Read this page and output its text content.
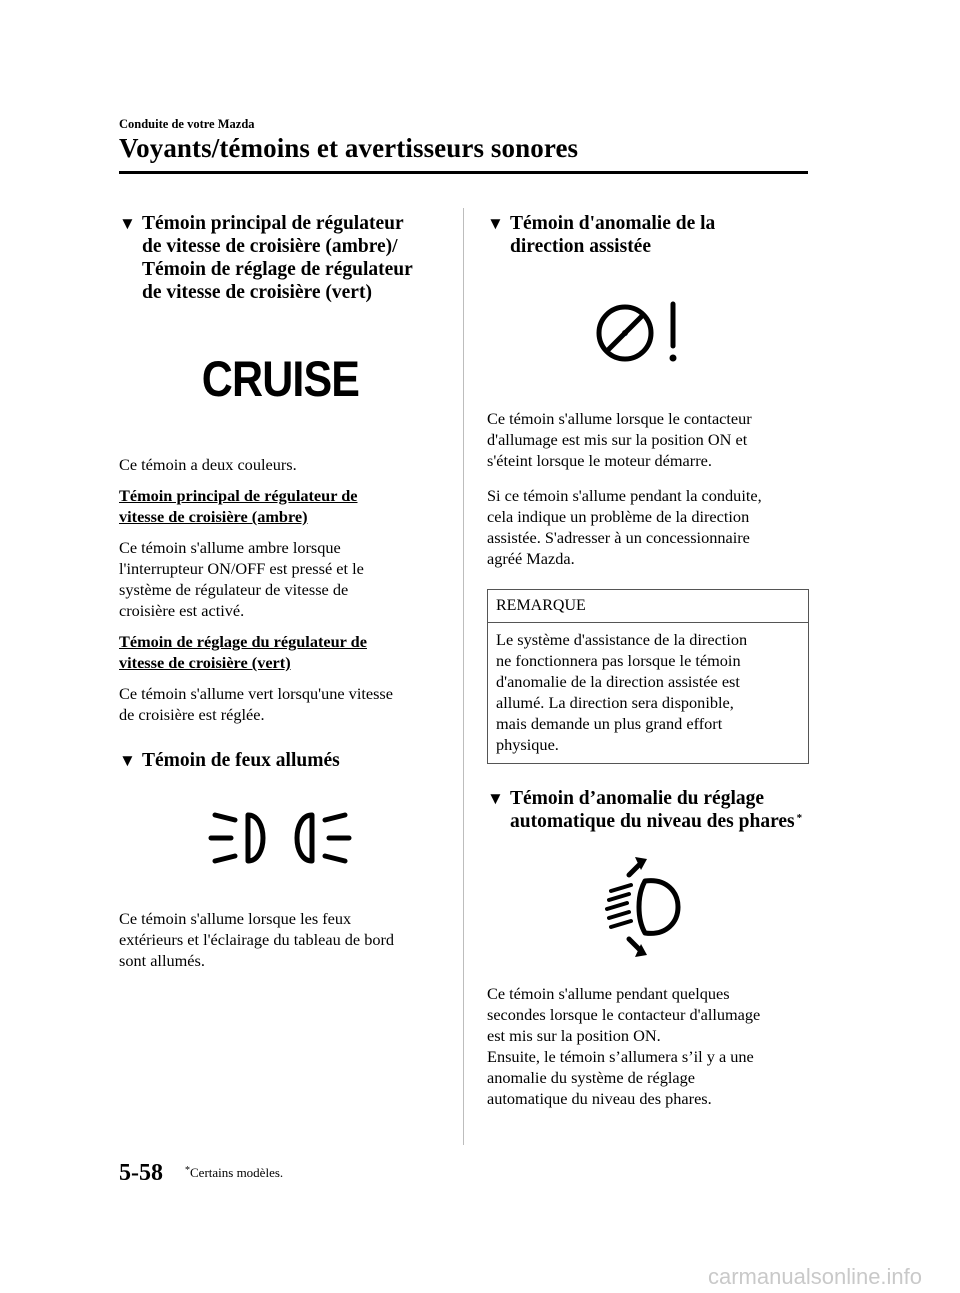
Conduite de votre Mazda
Voyants/témoins et avertisseurs sonores
▼ Témoin principal de régulateur
de vitesse de croisière (ambre)/
Témoin de réglage de régulateur
de vitesse de croisière (vert)
CRUISE

Ce témoin a deux couleurs.

Témoin principal de régulateur de
vitesse de croisière (ambre)

Ce témoin s'allume ambre lorsque
l'interrupteur ON/OFF est pressé et le
système de régulateur de vitesse de
croisière est activé.

Témoin de réglage du régulateur de
vitesse de croisière (vert)

Ce témoin s'allume vert lorsqu'une vitesse
de croisière est réglée.

▼ Témoin de feux allumés

Ce témoin s'allume lorsque les feux
extérieurs et l'éclairage du tableau de bord
sont allumés.

▼ Témoin d'anomalie de la
direction assistée

Ce témoin s'allume lorsque le contacteur
d'allumage est mis sur la position ON et
s'éteint lorsque le moteur démarre.

Si ce témoin s'allume pendant la conduite,
cela indique un problème de la direction
assistée. S'adresser à un concessionnaire
agréé Mazda.

REMARQUE

Le système d'assistance de la direction
ne fonctionnera pas lorsque le témoin
d'anomalie de la direction assistée est
allumé. La direction sera disponible,
mais demande un plus grand effort
physique.

▼ Témoin d’anomalie du réglage
automatique du niveau des phares *

Ce témoin s'allume pendant quelques
secondes lorsque le contacteur d'allumage
est mis sur la position ON.
Ensuite, le témoin s’allumera s’il y a une
anomalie du système de réglage
automatique du niveau des phares.

5-58 *Certains modèles.
carmanualsonline.info
